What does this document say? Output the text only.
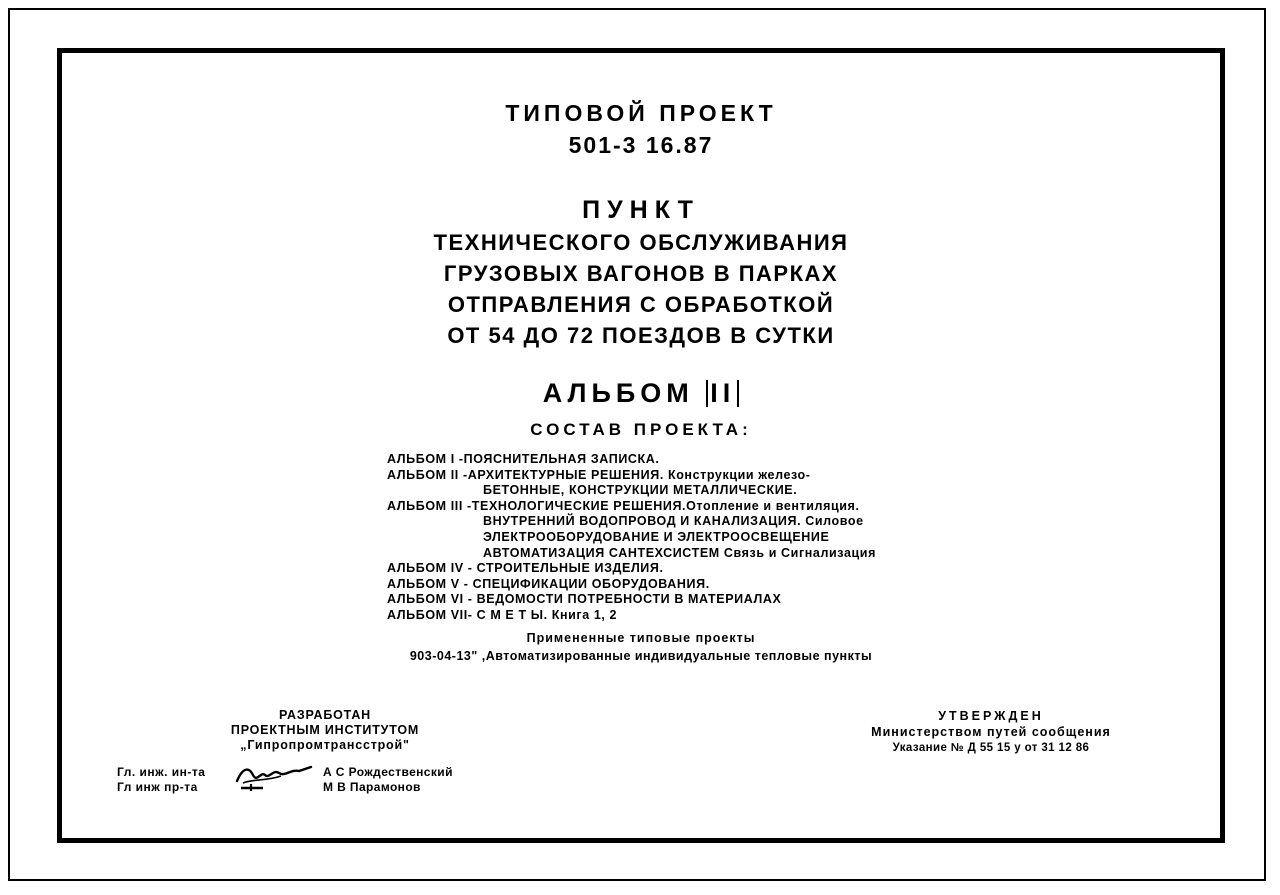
ТИПОВОЙ ПРОЕКТ
501-3 16.87
ПУНКТ
ТЕХНИЧЕСКОГО ОБСЛУЖИВАНИЯ
ГРУЗОВЫХ ВАГОНОВ В ПАРКАХ
ОТПРАВЛЕНИЯ С ОБРАБОТКОЙ
ОТ 54 ДО 72 ПОЕЗДОВ В СУТКИ
АЛЬБОМ II
СОСТАВ ПРОЕКТА:
АЛЬБОМ I -ПОЯСНИТЕЛЬНАЯ ЗАПИСКА.
АЛЬБОМ II -АРХИТЕКТУРНЫЕ РЕШЕНИЯ. Конструкции железо-
БЕТОННЫЕ, КОНСТРУКЦИИ МЕТАЛЛИЧЕСКИЕ.
АЛЬБОМ III -ТЕХНОЛОГИЧЕСКИЕ РЕШЕНИЯ.Отопление и вентиляция.
ВНУТРЕННИЙ ВОДОПРОВОД И КАНАЛИЗАЦИЯ. Силовое
ЭЛЕКТРООБОРУДОВАНИЕ И ЭЛЕКТРООСВЕЩЕНИЕ
АВТОМАТИЗАЦИЯ САНТЕХСИСТЕМ Связь и Сигнализация
АЛЬБОМ IV - СТРОИТЕЛЬНЫЕ ИЗДЕЛИЯ.
АЛЬБОМ V - СПЕЦИФИКАЦИИ ОБОРУДОВАНИЯ.
АЛЬБОМ VI - ВЕДОМОСТИ ПОТРЕБНОСТИ В МАТЕРИАЛАХ
АЛЬБОМ VII- С М Е Т Ы. Книга 1, 2
Примененные типовые проекты
903-04-13" ,Автоматизированные индивидуальные тепловые пункты
РАЗРАБОТАН
ПРОЕКТНЫМ ИНСТИТУТОМ
„Гипропромтрансстрой"
Гл. инж. ин-та
Гл инж пр-та
А С Рождественский
М В Парамонов
УТВЕРЖДЕН
Министерством путей сообщения
Указание № Д 55 15 у от 31 12 86
